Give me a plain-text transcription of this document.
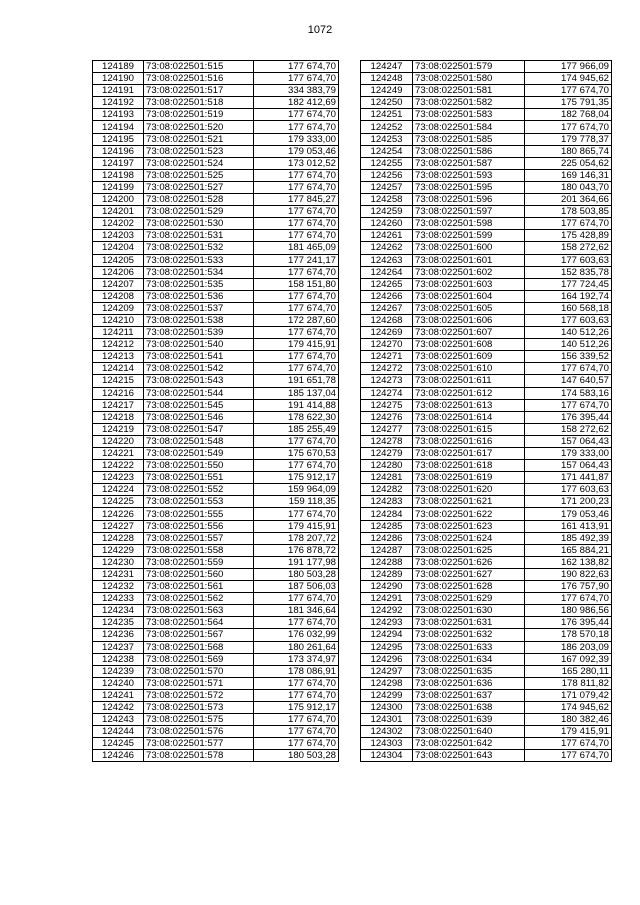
1072
124189	73:08:022501:515	177 674,70
124190	73:08:022501:516	177 674,70
124191	73:08:022501:517	334 383,79
124192	73:08:022501:518	182 412,69
124193	73:08:022501:519	177 674,70
124194	73:08:022501:520	177 674,70
124195	73:08:022501:521	179 333,00
124196	73:08:022501:523	179 053,46
124197	73:08:022501:524	173 012,52
124198	73:08:022501:525	177 674,70
124199	73:08:022501:527	177 674,70
124200	73:08:022501:528	177 845,27
124201	73:08:022501:529	177 674,70
124202	73:08:022501:530	177 674,70
124203	73:08:022501:531	177 674,70
124204	73:08:022501:532	181 465,09
124205	73:08:022501:533	177 241,17
124206	73:08:022501:534	177 674,70
124207	73:08:022501:535	158 151,80
124208	73:08:022501:536	177 674,70
124209	73:08:022501:537	177 674,70
124210	73:08:022501:538	172 287,60
124211	73:08:022501:539	177 674,70
124212	73:08:022501:540	179 415,91
124213	73:08:022501:541	177 674,70
124214	73:08:022501:542	177 674,70
124215	73:08:022501:543	191 651,78
124216	73:08:022501:544	185 137,04
124217	73:08:022501:545	191 414,88
124218	73:08:022501:546	178 622,30
124219	73:08:022501:547	185 255,49
124220	73:08:022501:548	177 674,70
124221	73:08:022501:549	175 670,53
124222	73:08:022501:550	177 674,70
124223	73:08:022501:551	175 912,17
124224	73:08:022501:552	159 964,09
124225	73:08:022501:553	159 118,35
124226	73:08:022501:555	177 674,70
124227	73:08:022501:556	179 415,91
124228	73:08:022501:557	178 207,72
124229	73:08:022501:558	176 878,72
124230	73:08:022501:559	191 177,98
124231	73:08:022501:560	180 503,28
124232	73:08:022501:561	187 506,03
124233	73:08:022501:562	177 674,70
124234	73:08:022501:563	181 346,64
124235	73:08:022501:564	177 674,70
124236	73:08:022501:567	176 032,99
124237	73:08:022501:568	180 261,64
124238	73:08:022501:569	173 374,97
124239	73:08:022501:570	178 086,91
124240	73:08:022501:571	177 674,70
124241	73:08:022501:572	177 674,70
124242	73:08:022501:573	175 912,17
124243	73:08:022501:575	177 674,70
124244	73:08:022501:576	177 674,70
124245	73:08:022501:577	177 674,70
124246	73:08:022501:578	180 503,28
124247	73:08:022501:579	177 966,09
124248	73:08:022501:580	174 945,62
124249	73:08:022501:581	177 674,70
124250	73:08:022501:582	175 791,35
124251	73:08:022501:583	182 768,04
124252	73:08:022501:584	177 674,70
124253	73:08:022501:585	179 778,37
124254	73:08:022501:586	180 865,74
124255	73:08:022501:587	225 054,62
124256	73:08:022501:593	169 146,31
124257	73:08:022501:595	180 043,70
124258	73:08:022501:596	201 364,66
124259	73:08:022501:597	178 503,85
124260	73:08:022501:598	177 674,70
124261	73:08:022501:599	175 428,89
124262	73:08:022501:600	158 272,62
124263	73:08:022501:601	177 603,63
124264	73:08:022501:602	152 835,78
124265	73:08:022501:603	177 724,45
124266	73:08:022501:604	164 192,74
124267	73:08:022501:605	160 568,18
124268	73:08:022501:606	177 603,63
124269	73:08:022501:607	140 512,26
124270	73:08:022501:608	140 512,26
124271	73:08:022501:609	156 339,52
124272	73:08:022501:610	177 674,70
124273	73:08:022501:611	147 640,57
124274	73:08:022501:612	174 583,16
124275	73:08:022501:613	177 674,70
124276	73:08:022501:614	176 395,44
124277	73:08:022501:615	158 272,62
124278	73:08:022501:616	157 064,43
124279	73:08:022501:617	179 333,00
124280	73:08:022501:618	157 064,43
124281	73:08:022501:619	171 441,87
124282	73:08:022501:620	177 603,63
124283	73:08:022501:621	171 200,23
124284	73:08:022501:622	179 053,46
124285	73:08:022501:623	161 413,91
124286	73:08:022501:624	185 492,39
124287	73:08:022501:625	165 884,21
124288	73:08:022501:626	162 138,82
124289	73:08:022501:627	190 822,63
124290	73:08:022501:628	176 757,90
124291	73:08:022501:629	177 674,70
124292	73:08:022501:630	180 986,56
124293	73:08:022501:631	176 395,44
124294	73:08:022501:632	178 570,18
124295	73:08:022501:633	186 203,09
124296	73:08:022501:634	167 092,39
124297	73:08:022501:635	165 280,11
124298	73:08:022501:636	178 811,82
124299	73:08:022501:637	171 079,42
124300	73:08:022501:638	174 945,62
124301	73:08:022501:639	180 382,46
124302	73:08:022501:640	179 415,91
124303	73:08:022501:642	177 674,70
124304	73:08:022501:643	177 674,70
